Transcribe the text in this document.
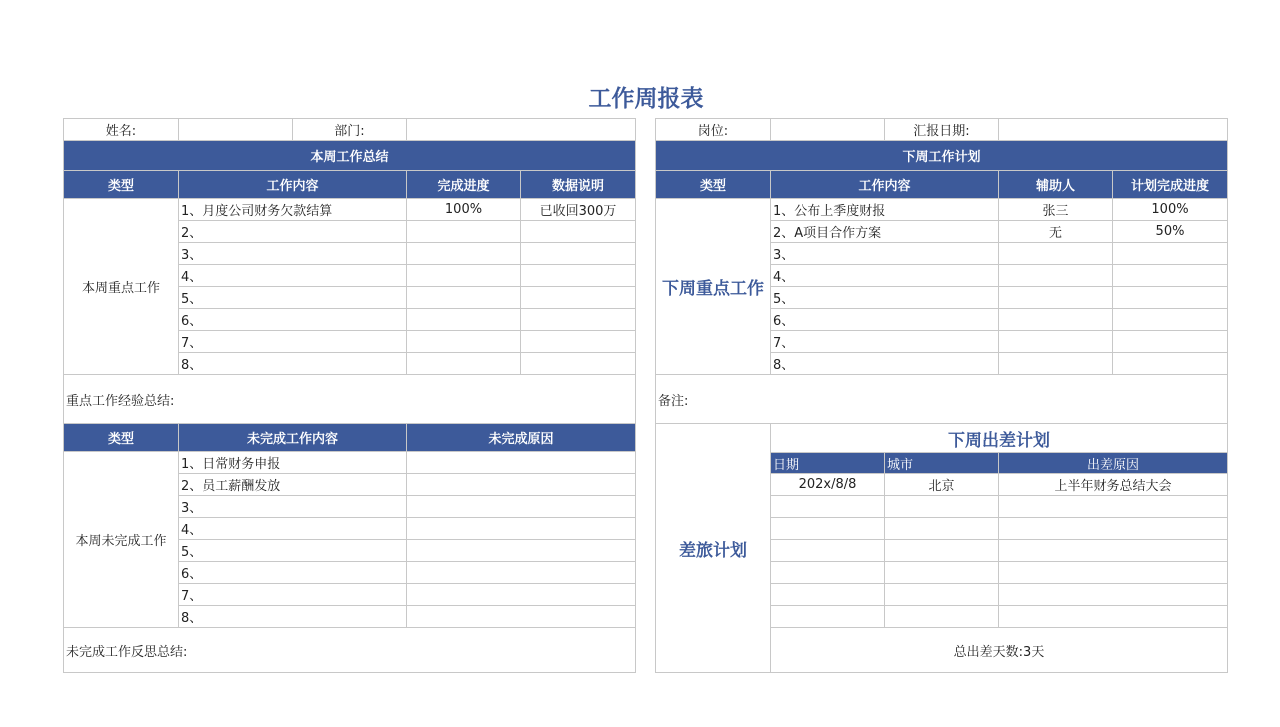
工作周报表
姓名:		部门:		
本周工作总结				
类型	工作内容		完成进度	数据说明
本周重点工作	1、月度公司财务欠款结算		100%	已收回300万
	2、			
	3、			
	4、			
	5、			
	6、			
	7、			
	8、			
重点工作经验总结:				
类型	未完成工作内容		未完成原因	
本周未完成工作	1、日常财务申报			
	2、员工薪酬发放			
	3、			
	4、			
	5、			
	6、			
	7、			
	8、			
未完成工作反思总结:				
岗位:		汇报日期:		
下周工作计划				
类型	工作内容		辅助人	计划完成进度
下周重点工作	1、公布上季度财报		张三	100%
	2、A项目合作方案		无	50%
	3、			
	4、			
	5、			
	6、			
	7、			
	8、			
备注:				
差旅计划	下周出差计划			
	日期	城市	出差原因	
	202x/8/8	北京	上半年财务总结大会	

	总出差天数:3天			
